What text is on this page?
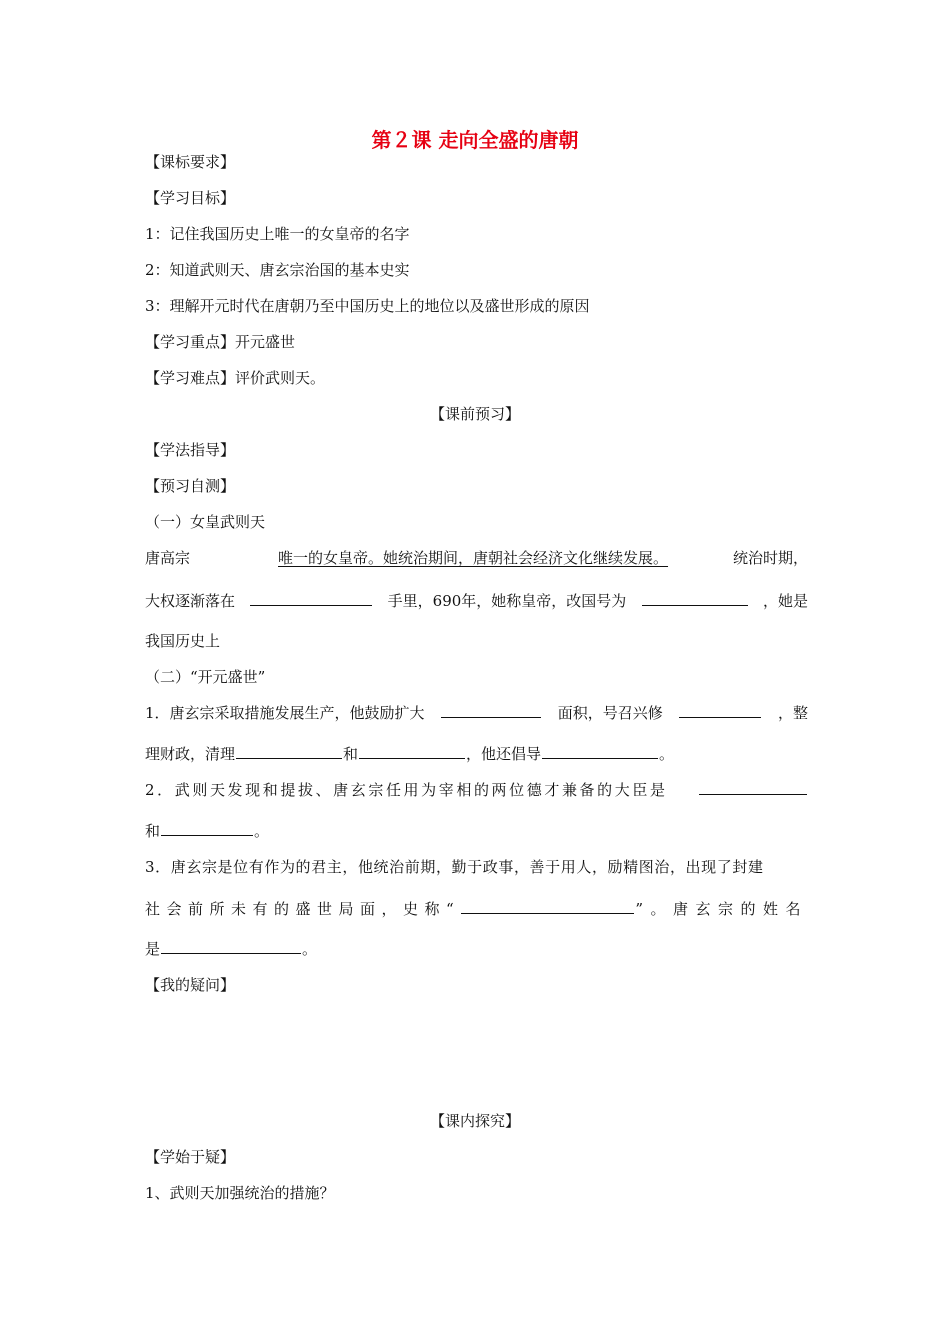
第２课 走向全盛的唐朝
【课标要求】
【学习目标】
1：记住我国历史上唯一的女皇帝的名字
2：知道武则天、唐玄宗治国的基本史实
3：理解开元时代在唐朝乃至中国历史上的地位以及盛世形成的原因
【学习重点】开元盛世
【学习难点】评价武则天。
【课前预习】
【学法指导】
【预习自测】
（一）女皇武则天
唐高宗	唯一的女皇帝。她统治期间，唐朝社会经济文化继续发展。	统治时期，
大权逐渐落在	手里，690年，她称皇帝，改国号为	，她是
我国历史上
（二）“开元盛世”
1．唐玄宗采取措施发展生产，他鼓励扩大	面积，号召兴修	，整
理财政，清理	和	，他还倡导	。
2．武则天发现和提拔、唐玄宗任用为宰相的两位德才兼备的大臣是
和	。
3．唐玄宗是位有作为的君主，他统治前期，勤于政事，善于用人，励精图治，出现了封建
社会前所未有的盛世局面，史称“	”。唐玄宗的姓名
是	。
【我的疑问】
【课内探究】
【学始于疑】
1、武则天加强统治的措施？
